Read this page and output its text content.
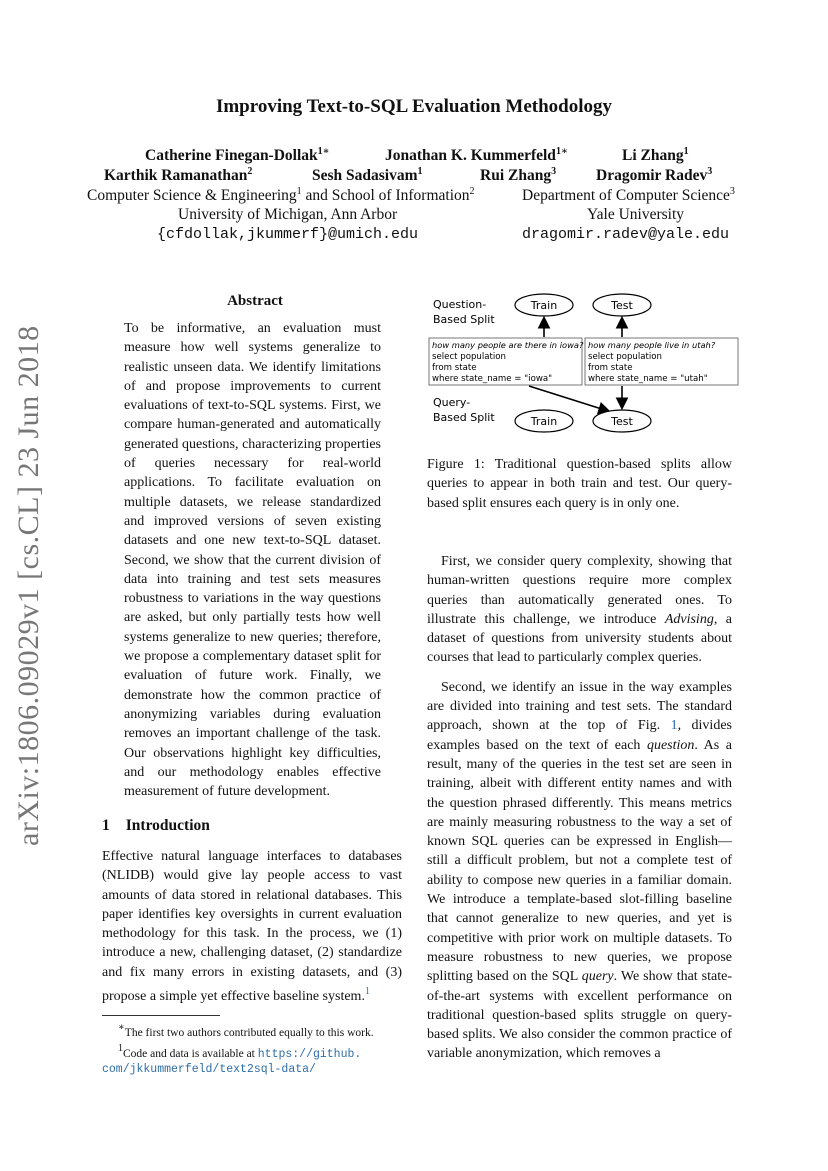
arXiv:1806.09029v1 [cs.CL] 23 Jun 2018
Improving Text-to-SQL Evaluation Methodology
Catherine Finegan-Dollak$^{1∗}$	Jonathan K. Kummerfeld$^{1∗}$	Li Zhang$^1$
Karthik Ramanathan$^2$	Sesh Sadasivam$^1$	Rui Zhang$^3$	Dragomir Radev$^3$
Computer Science & Engineering$^1$ and School of Information$^2$	Department of Computer Science$^3$
University of Michigan, Ann Arbor	Yale University
{cfdollak,jkummerf}@umich.edu	dragomir.radev@yale.edu
Abstract

To be informative, an evaluation must measure how well systems generalize to realistic unseen data. We identify limitations of and propose improvements to current evaluations of text-to-SQL systems. First, we compare human-generated and automatically generated questions, characterizing properties of queries necessary for real-world applications. To facilitate evaluation on multiple datasets, we release standardized and improved versions of seven existing datasets and one new text-to-SQL dataset. Second, we show that the current division of data into training and test sets measures robustness to variations in the way questions are asked, but only partially tests how well systems generalize to new queries; therefore, we propose a complementary dataset split for evaluation of future work. Finally, we demonstrate how the common practice of anonymizing variables during evaluation removes an important challenge of the task. Our observations highlight key difficulties, and our methodology enables effective measurement of future development.

1 Introduction

Effective natural language interfaces to databases (NLIDB) would give lay people access to vast amounts of data stored in relational databases. This paper identifies key oversights in current evaluation methodology for this task. In the process, we (1) introduce a new, challenging dataset, (2) standardize and fix many errors in existing datasets, and (3) propose a simple yet effective baseline system.$^1$

∗The first two authors contributed equally to this work.

$^1$Code and data is available at https://github.

com/jkkummerfeld/text2sql-data/

Question-
Based Split
Train	Test
how many people are there in iowa?
select population
from state
where state_name = "iowa"
how many people live in utah?
select population
from state
where state_name = "utah"
Query-
Based Split	Train	Test

Figure 1: Traditional question-based splits allow queries to appear in both train and test. Our query-based split ensures each query is in only one.

First, we consider query complexity, showing that human-written questions require more complex queries than automatically generated ones. To illustrate this challenge, we introduce Advising, a dataset of questions from university students about courses that lead to particularly complex queries.

Second, we identify an issue in the way examples are divided into training and test sets. The standard approach, shown at the top of Fig. 1, divides examples based on the text of each question. As a result, many of the queries in the test set are seen in training, albeit with different entity names and with the question phrased differently. This means metrics are mainly measuring robustness to the way a set of known SQL queries can be expressed in English—still a difficult problem, but not a complete test of ability to compose new queries in a familiar domain. We introduce a template-based slot-filling baseline that cannot generalize to new queries, and yet is competitive with prior work on multiple datasets. To measure robustness to new queries, we propose splitting based on the SQL query. We show that state-of-the-art systems with excellent performance on traditional question-based splits struggle on query-based splits. We also consider the common practice of variable anonymization, which removes a
